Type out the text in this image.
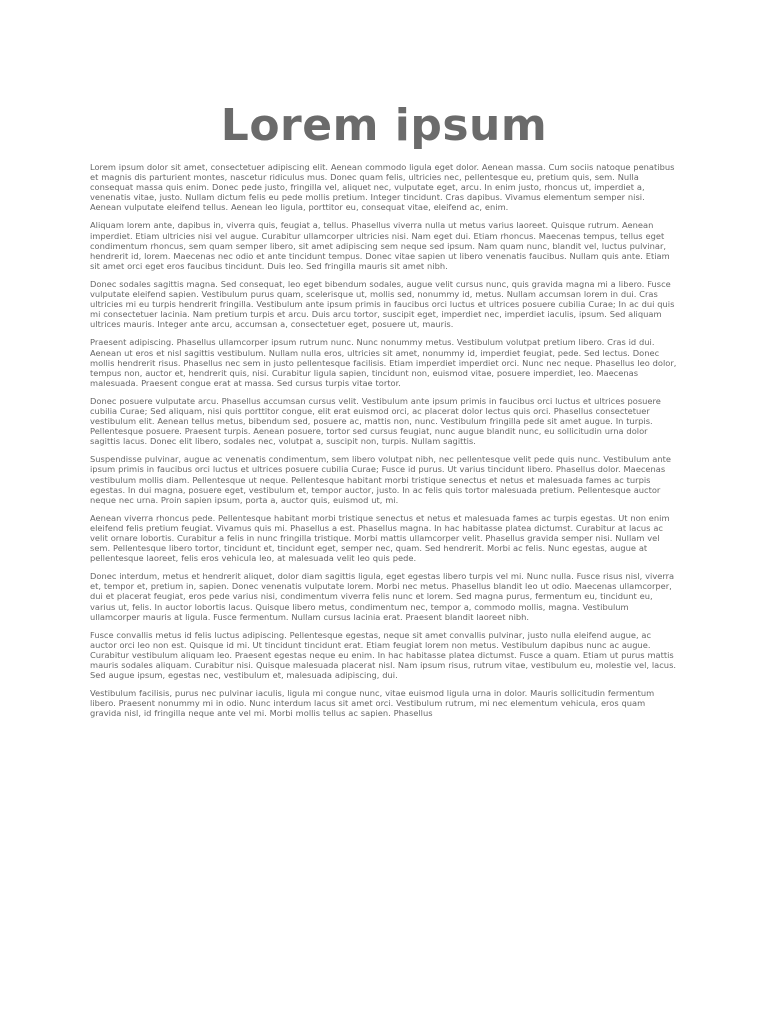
Lorem ipsum

Lorem ipsum dolor sit amet, consectetuer adipiscing elit. Aenean commodo ligula eget dolor. Aenean massa. Cum sociis natoque penatibus et magnis dis parturient montes, nascetur ridiculus mus. Donec quam felis, ultricies nec, pellentesque eu, pretium quis, sem. Nulla consequat massa quis enim. Donec pede justo, fringilla vel, aliquet nec, vulputate eget, arcu. In enim justo, rhoncus ut, imperdiet a, venenatis vitae, justo. Nullam dictum felis eu pede mollis pretium. Integer tincidunt. Cras dapibus. Vivamus elementum semper nisi. Aenean vulputate eleifend tellus. Aenean leo ligula, porttitor eu, consequat vitae, eleifend ac, enim.

Aliquam lorem ante, dapibus in, viverra quis, feugiat a, tellus. Phasellus viverra nulla ut metus varius laoreet. Quisque rutrum. Aenean imperdiet. Etiam ultricies nisi vel augue. Curabitur ullamcorper ultricies nisi. Nam eget dui. Etiam rhoncus. Maecenas tempus, tellus eget condimentum rhoncus, sem quam semper libero, sit amet adipiscing sem neque sed ipsum. Nam quam nunc, blandit vel, luctus pulvinar, hendrerit id, lorem. Maecenas nec odio et ante tincidunt tempus. Donec vitae sapien ut libero venenatis faucibus. Nullam quis ante. Etiam sit amet orci eget eros faucibus tincidunt. Duis leo. Sed fringilla mauris sit amet nibh.

Donec sodales sagittis magna. Sed consequat, leo eget bibendum sodales, augue velit cursus nunc, quis gravida magna mi a libero. Fusce vulputate eleifend sapien. Vestibulum purus quam, scelerisque ut, mollis sed, nonummy id, metus. Nullam accumsan lorem in dui. Cras ultricies mi eu turpis hendrerit fringilla. Vestibulum ante ipsum primis in faucibus orci luctus et ultrices posuere cubilia Curae; In ac dui quis mi consectetuer lacinia. Nam pretium turpis et arcu. Duis arcu tortor, suscipit eget, imperdiet nec, imperdiet iaculis, ipsum. Sed aliquam ultrices mauris. Integer ante arcu, accumsan a, consectetuer eget, posuere ut, mauris.

Praesent adipiscing. Phasellus ullamcorper ipsum rutrum nunc. Nunc nonummy metus. Vestibulum volutpat pretium libero. Cras id dui. Aenean ut eros et nisl sagittis vestibulum. Nullam nulla eros, ultricies sit amet, nonummy id, imperdiet feugiat, pede. Sed lectus. Donec mollis hendrerit risus. Phasellus nec sem in justo pellentesque facilisis. Etiam imperdiet imperdiet orci. Nunc nec neque. Phasellus leo dolor, tempus non, auctor et, hendrerit quis, nisi. Curabitur ligula sapien, tincidunt non, euismod vitae, posuere imperdiet, leo. Maecenas malesuada. Praesent congue erat at massa. Sed cursus turpis vitae tortor.

Donec posuere vulputate arcu. Phasellus accumsan cursus velit. Vestibulum ante ipsum primis in faucibus orci luctus et ultrices posuere cubilia Curae; Sed aliquam, nisi quis porttitor congue, elit erat euismod orci, ac placerat dolor lectus quis orci. Phasellus consectetuer vestibulum elit. Aenean tellus metus, bibendum sed, posuere ac, mattis non, nunc. Vestibulum fringilla pede sit amet augue. In turpis. Pellentesque posuere. Praesent turpis. Aenean posuere, tortor sed cursus feugiat, nunc augue blandit nunc, eu sollicitudin urna dolor sagittis lacus. Donec elit libero, sodales nec, volutpat a, suscipit non, turpis. Nullam sagittis.

Suspendisse pulvinar, augue ac venenatis condimentum, sem libero volutpat nibh, nec pellentesque velit pede quis nunc. Vestibulum ante ipsum primis in faucibus orci luctus et ultrices posuere cubilia Curae; Fusce id purus. Ut varius tincidunt libero. Phasellus dolor. Maecenas vestibulum mollis diam. Pellentesque ut neque. Pellentesque habitant morbi tristique senectus et netus et malesuada fames ac turpis egestas. In dui magna, posuere eget, vestibulum et, tempor auctor, justo. In ac felis quis tortor malesuada pretium. Pellentesque auctor neque nec urna. Proin sapien ipsum, porta a, auctor quis, euismod ut, mi.

Aenean viverra rhoncus pede. Pellentesque habitant morbi tristique senectus et netus et malesuada fames ac turpis egestas. Ut non enim eleifend felis pretium feugiat. Vivamus quis mi. Phasellus a est. Phasellus magna. In hac habitasse platea dictumst. Curabitur at lacus ac velit ornare lobortis. Curabitur a felis in nunc fringilla tristique. Morbi mattis ullamcorper velit. Phasellus gravida semper nisi. Nullam vel sem. Pellentesque libero tortor, tincidunt et, tincidunt eget, semper nec, quam. Sed hendrerit. Morbi ac felis. Nunc egestas, augue at pellentesque laoreet, felis eros vehicula leo, at malesuada velit leo quis pede.

Donec interdum, metus et hendrerit aliquet, dolor diam sagittis ligula, eget egestas libero turpis vel mi. Nunc nulla. Fusce risus nisl, viverra et, tempor et, pretium in, sapien. Donec venenatis vulputate lorem. Morbi nec metus. Phasellus blandit leo ut odio. Maecenas ullamcorper, dui et placerat feugiat, eros pede varius nisi, condimentum viverra felis nunc et lorem. Sed magna purus, fermentum eu, tincidunt eu, varius ut, felis. In auctor lobortis lacus. Quisque libero metus, condimentum nec, tempor a, commodo mollis, magna. Vestibulum ullamcorper mauris at ligula. Fusce fermentum. Nullam cursus lacinia erat. Praesent blandit laoreet nibh.

Fusce convallis metus id felis luctus adipiscing. Pellentesque egestas, neque sit amet convallis pulvinar, justo nulla eleifend augue, ac auctor orci leo non est. Quisque id mi. Ut tincidunt tincidunt erat. Etiam feugiat lorem non metus. Vestibulum dapibus nunc ac augue. Curabitur vestibulum aliquam leo. Praesent egestas neque eu enim. In hac habitasse platea dictumst. Fusce a quam. Etiam ut purus mattis mauris sodales aliquam. Curabitur nisi. Quisque malesuada placerat nisl. Nam ipsum risus, rutrum vitae, vestibulum eu, molestie vel, lacus. Sed augue ipsum, egestas nec, vestibulum et, malesuada adipiscing, dui.

Vestibulum facilisis, purus nec pulvinar iaculis, ligula mi congue nunc, vitae euismod ligula urna in dolor. Mauris sollicitudin fermentum libero. Praesent nonummy mi in odio. Nunc interdum lacus sit amet orci. Vestibulum rutrum, mi nec elementum vehicula, eros quam gravida nisl, id fringilla neque ante vel mi. Morbi mollis tellus ac sapien. Phasellus
